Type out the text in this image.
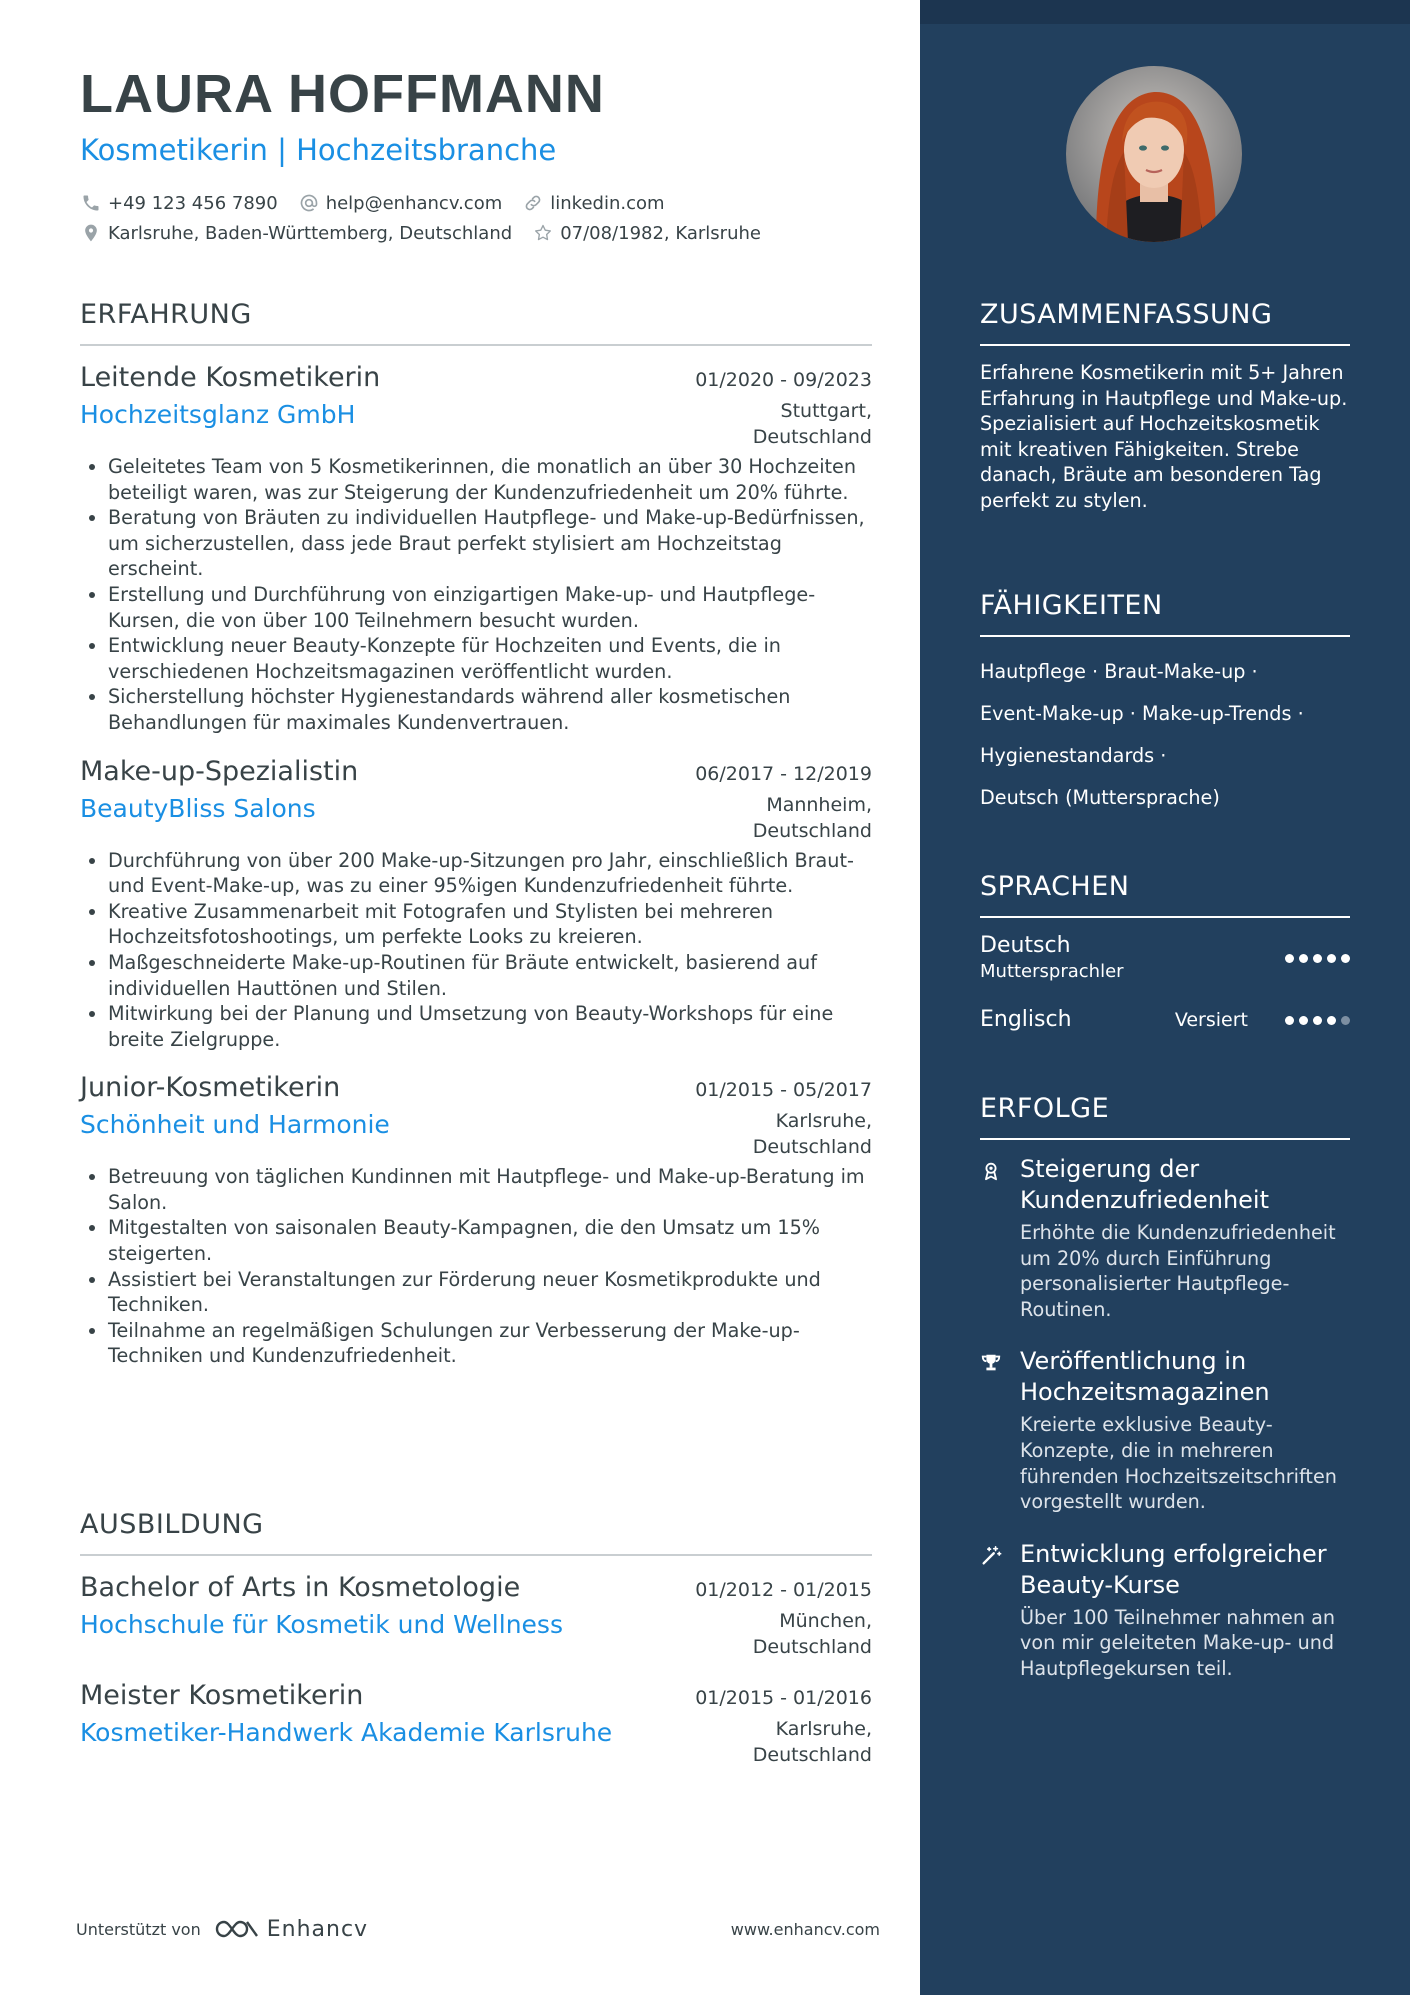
LAURA HOFFMANN
Kosmetikerin | Hochzeitsbranche
+49 123 456 7890	help@enhancv.com	linkedin.com
Karlsruhe, Baden-Württemberg, Deutschland	07/08/1982, Karlsruhe
ERFAHRUNG
Leitende Kosmetikerin	01/2020 - 09/2023
Hochzeitsglanz GmbH	Stuttgart, Deutschland
• Geleitetes Team von 5 Kosmetikerinnen, die monatlich an über 30 Hochzeiten beteiligt waren, was zur Steigerung der Kundenzufriedenheit um 20% führte.
• Beratung von Bräuten zu individuellen Hautpflege- und Make-up-Bedürfnissen, um sicherzustellen, dass jede Braut perfekt stylisiert am Hochzeitstag erscheint.
• Erstellung und Durchführung von einzigartigen Make-up- und Hautpflege-Kursen, die von über 100 Teilnehmern besucht wurden.
• Entwicklung neuer Beauty-Konzepte für Hochzeiten und Events, die in verschiedenen Hochzeitsmagazinen veröffentlicht wurden.
• Sicherstellung höchster Hygienestandards während aller kosmetischen Behandlungen für maximales Kundenvertrauen.
Make-up-Spezialistin	06/2017 - 12/2019
BeautyBliss Salons	Mannheim, Deutschland
• Durchführung von über 200 Make-up-Sitzungen pro Jahr, einschließlich Braut- und Event-Make-up, was zu einer 95%igen Kundenzufriedenheit führte.
• Kreative Zusammenarbeit mit Fotografen und Stylisten bei mehreren Hochzeitsfotoshootings, um perfekte Looks zu kreieren.
• Maßgeschneiderte Make-up-Routinen für Bräute entwickelt, basierend auf individuellen Hauttönen und Stilen.
• Mitwirkung bei der Planung und Umsetzung von Beauty-Workshops für eine breite Zielgruppe.
Junior-Kosmetikerin	01/2015 - 05/2017
Schönheit und Harmonie	Karlsruhe, Deutschland
• Betreuung von täglichen Kundinnen mit Hautpflege- und Make-up-Beratung im Salon.
• Mitgestalten von saisonalen Beauty-Kampagnen, die den Umsatz um 15% steigerten.
• Assistiert bei Veranstaltungen zur Förderung neuer Kosmetikprodukte und Techniken.
• Teilnahme an regelmäßigen Schulungen zur Verbesserung der Make-up-Techniken und Kundenzufriedenheit.
AUSBILDUNG
Bachelor of Arts in Kosmetologie	01/2012 - 01/2015
Hochschule für Kosmetik und Wellness	München, Deutschland
Meister Kosmetikerin	01/2015 - 01/2016
Kosmetiker-Handwerk Akademie Karlsruhe	Karlsruhe, Deutschland
Unterstützt von	Enhancv	www.enhancv.com
ZUSAMMENFASSUNG
Erfahrene Kosmetikerin mit 5+ Jahren Erfahrung in Hautpflege und Make-up. Spezialisiert auf Hochzeitskosmetik mit kreativen Fähigkeiten. Strebe danach, Bräute am besonderen Tag perfekt zu stylen.
FÄHIGKEITEN
Hautpflege · Braut-Make-up ·
Event-Make-up · Make-up-Trends ·
Hygienestandards ·
Deutsch (Muttersprache)
SPRACHEN
Deutsch
Muttersprachler
Englisch	Versiert
ERFOLGE
Steigerung der Kundenzufriedenheit
Erhöhte die Kundenzufriedenheit um 20% durch Einführung personalisierter Hautpflege-Routinen.
Veröffentlichung in Hochzeitsmagazinen
Kreierte exklusive Beauty-Konzepte, die in mehreren führenden Hochzeitszeitschriften vorgestellt wurden.
Entwicklung erfolgreicher Beauty-Kurse
Über 100 Teilnehmer nahmen an von mir geleiteten Make-up- und Hautpflegekursen teil.
